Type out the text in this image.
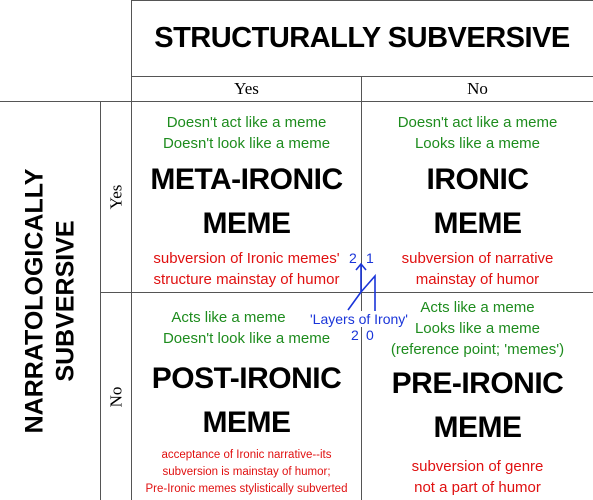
STRUCTURALLY SUBVERSIVE
Yes	No
NARRATOLOGICALLY SUBVERSIVE
Yes
No
Doesn't act like a meme
Doesn't look like a meme
META-IRONIC
MEME
subversion of Ironic memes'
structure mainstay of humor
Doesn't act like a meme
Looks like a meme
IRONIC
MEME
subversion of narrative
mainstay of humor
Acts like a meme
Doesn't look like a meme
POST-IRONIC
MEME
acceptance of Ironic narrative--its
subversion is mainstay of humor;
Pre-Ironic memes stylistically subverted
Acts like a meme
Looks like a meme
(reference point; 'memes')
PRE-IRONIC
MEME
subversion of genre
not a part of humor
2 1
2 0
'Layers of Irony'
